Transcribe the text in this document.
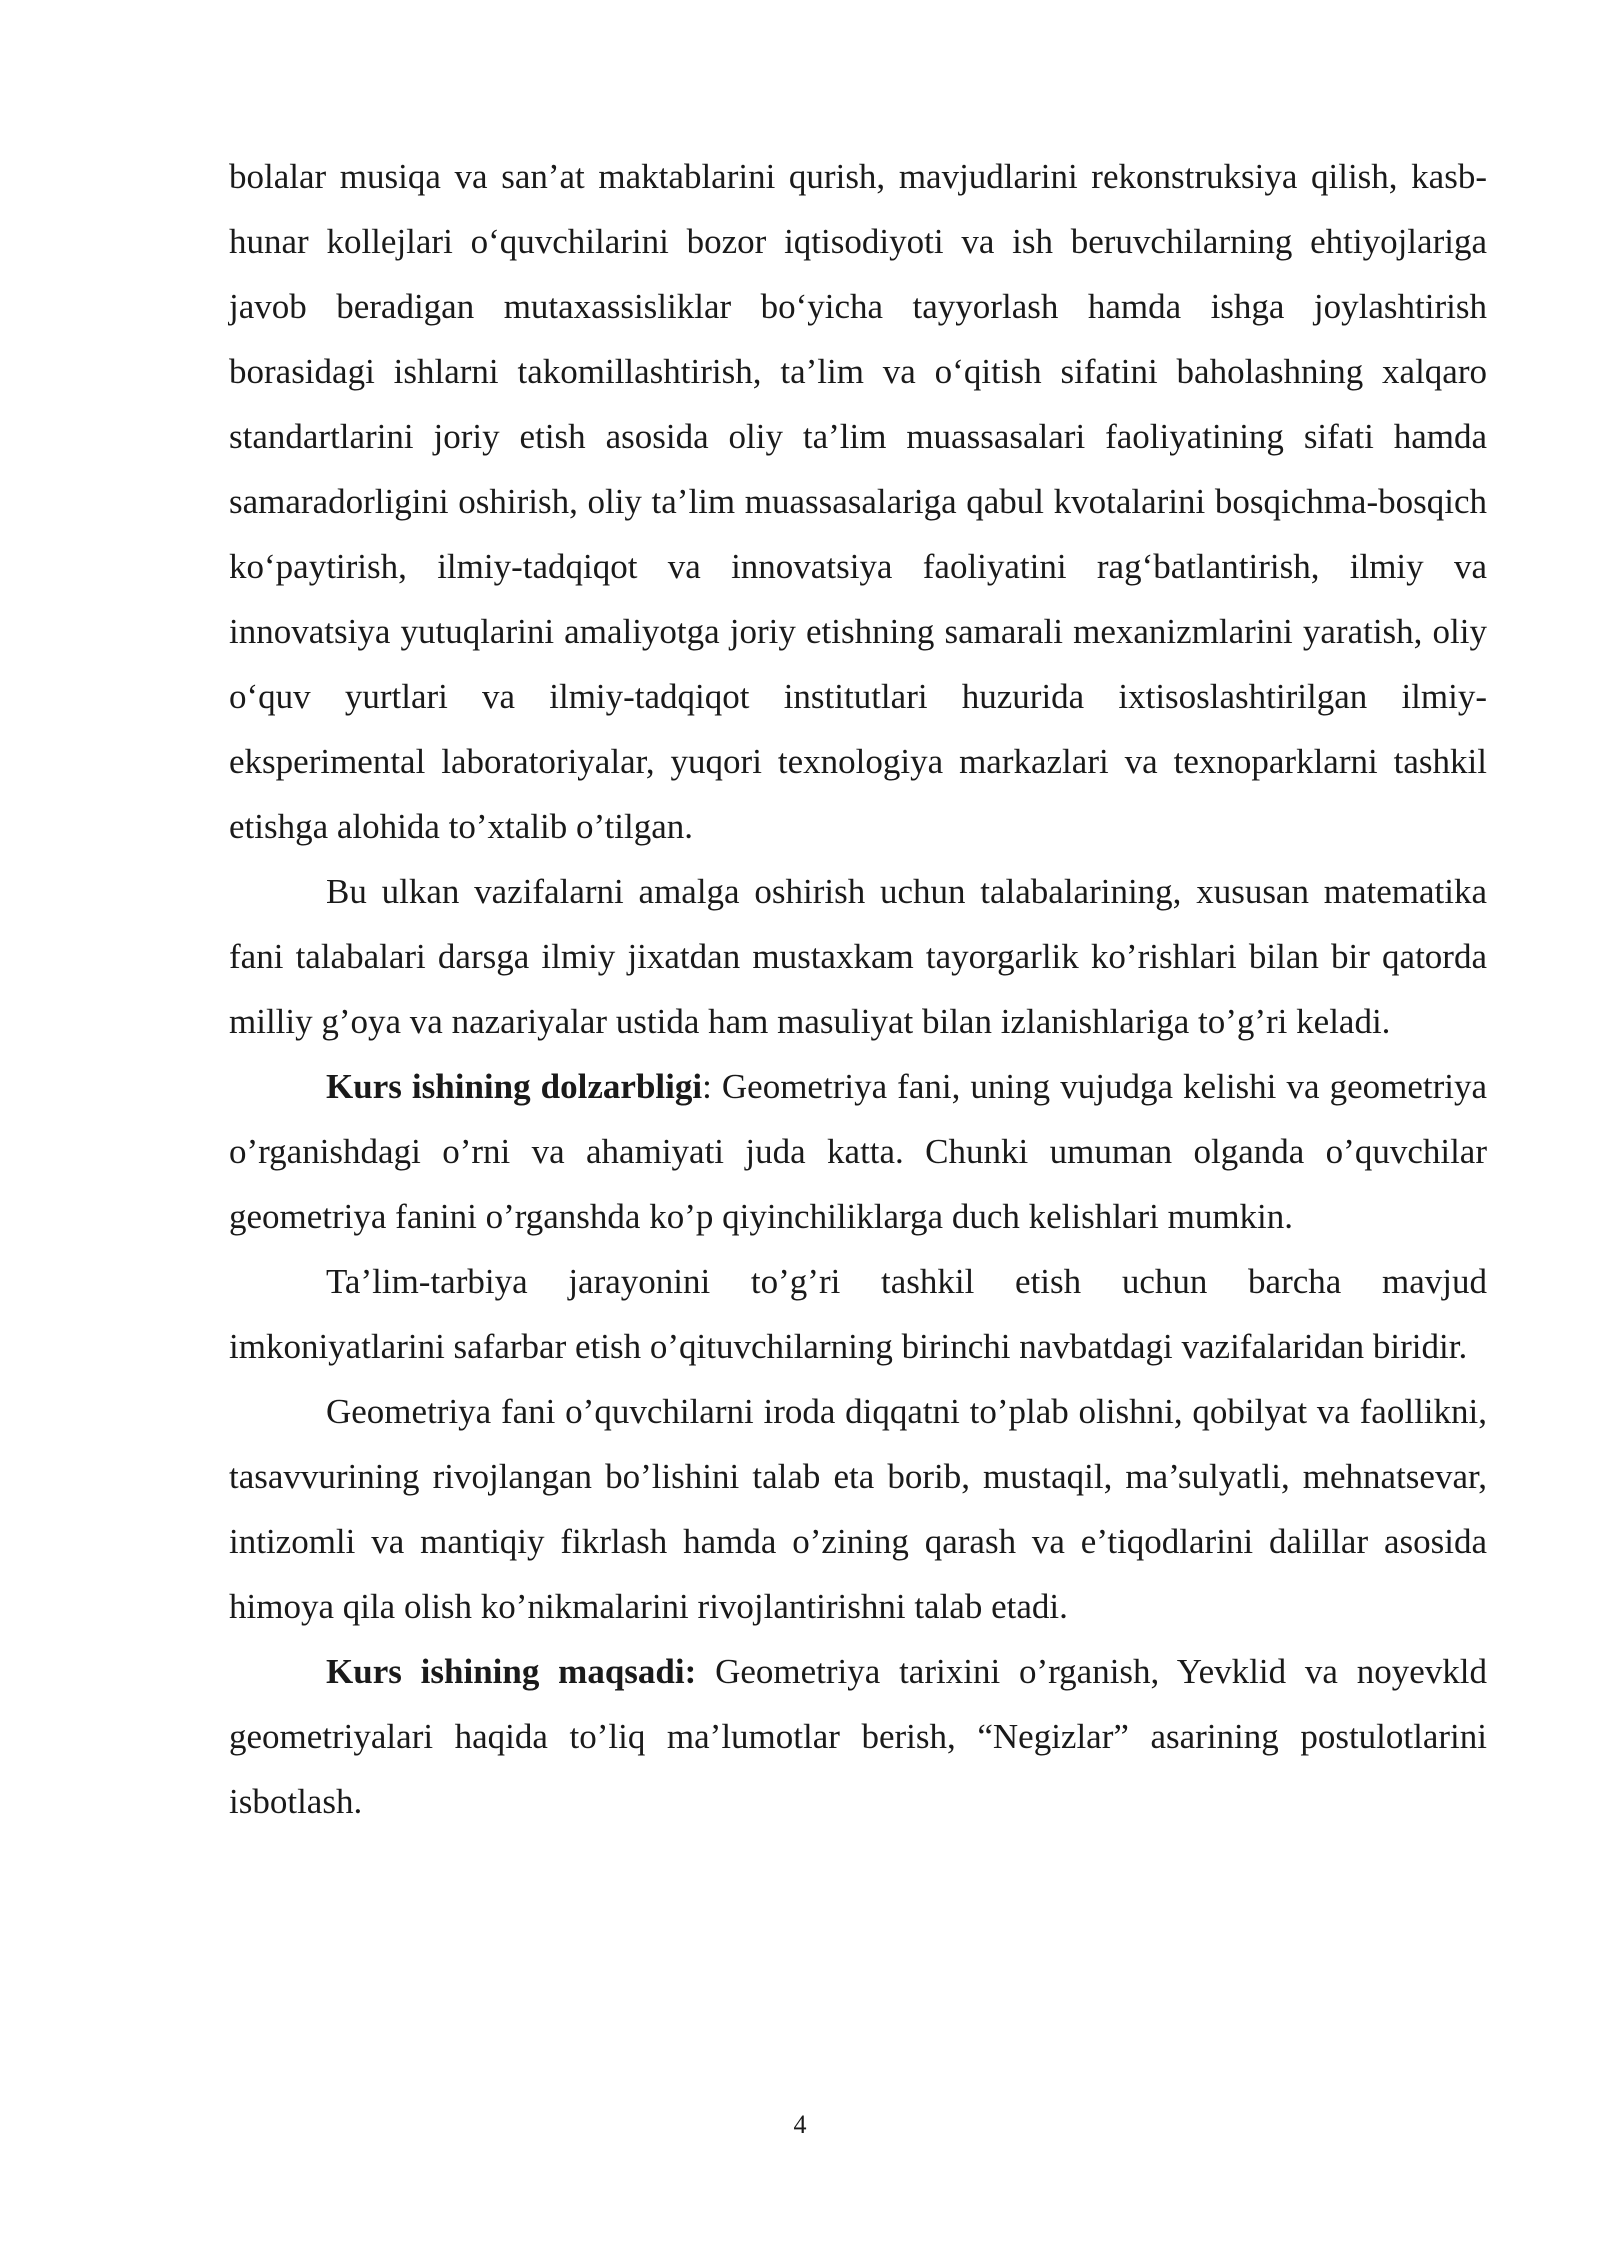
bolalar musiqa va san’at maktablarini qurish, mavjudlarini rekonstruksiya qilish, kasb-hunar kollejlari o‘quvchilarini bozor iqtisodiyoti va ish beruvchilarning ehtiyojlariga javob beradigan mutaxassisliklar bo‘yicha tayyorlash hamda ishga joylashtirish borasidagi ishlarni takomillashtirish, ta’lim va o‘qitish sifatini baholashning xalqaro standartlarini joriy etish asosida oliy ta’lim muassasalari faoliyatining sifati hamda samaradorligini oshirish, oliy ta’lim muassasalariga qabul kvotalarini bosqichma-bosqich ko‘paytirish, ilmiy-tadqiqot va innovatsiya faoliyatini rag‘batlantirish, ilmiy va innovatsiya yutuqlarini amaliyotga joriy etishning samarali mexanizmlarini yaratish, oliy o‘quv yurtlari va ilmiy-tadqiqot institutlari huzurida ixtisoslashtirilgan ilmiy-eksperimental laboratoriyalar, yuqori texnologiya markazlari va texnoparklarni tashkil etishga alohida to’xtalib o’tilgan.

Bu ulkan vazifalarni amalga oshirish uchun talabalarining, xususan matematika fani talabalari darsga ilmiy jixatdan mustaxkam tayorgarlik ko’rishlari bilan bir qatorda milliy g’oya va nazariyalar ustida ham masuliyat bilan izlanishlariga to’g’ri keladi.

Kurs ishining dolzarbligi: Geometriya fani, uning vujudga kelishi va geometriya o’rganishdagi o’rni va ahamiyati juda katta. Chunki umuman olganda o’quvchilar geometriya fanini o’rganshda ko’p qiyinchiliklarga duch kelishlari mumkin.

Ta’lim-tarbiya jarayonini to’g’ri tashkil etish uchun barcha mavjud imkoniyatlarini safarbar etish o’qituvchilarning birinchi navbatdagi vazifalaridan biridir.

Geometriya fani o’quvchilarni iroda diqqatni to’plab olishni, qobilyat va faollikni, tasavvurining rivojlangan bo’lishini talab eta borib, mustaqil, ma’sulyatli, mehnatsevar, intizomli va mantiqiy fikrlash hamda o’zining qarash va e’tiqodlarini dalillar asosida himoya qila olish ko’nikmalarini rivojlantirishni talab etadi.

Kurs ishining maqsadi: Geometriya tarixini o’rganish, Yevklid va noyevkld geometriyalari haqida to’liq ma’lumotlar berish, “Negizlar” asarining postulotlarini isbotlash.

4
